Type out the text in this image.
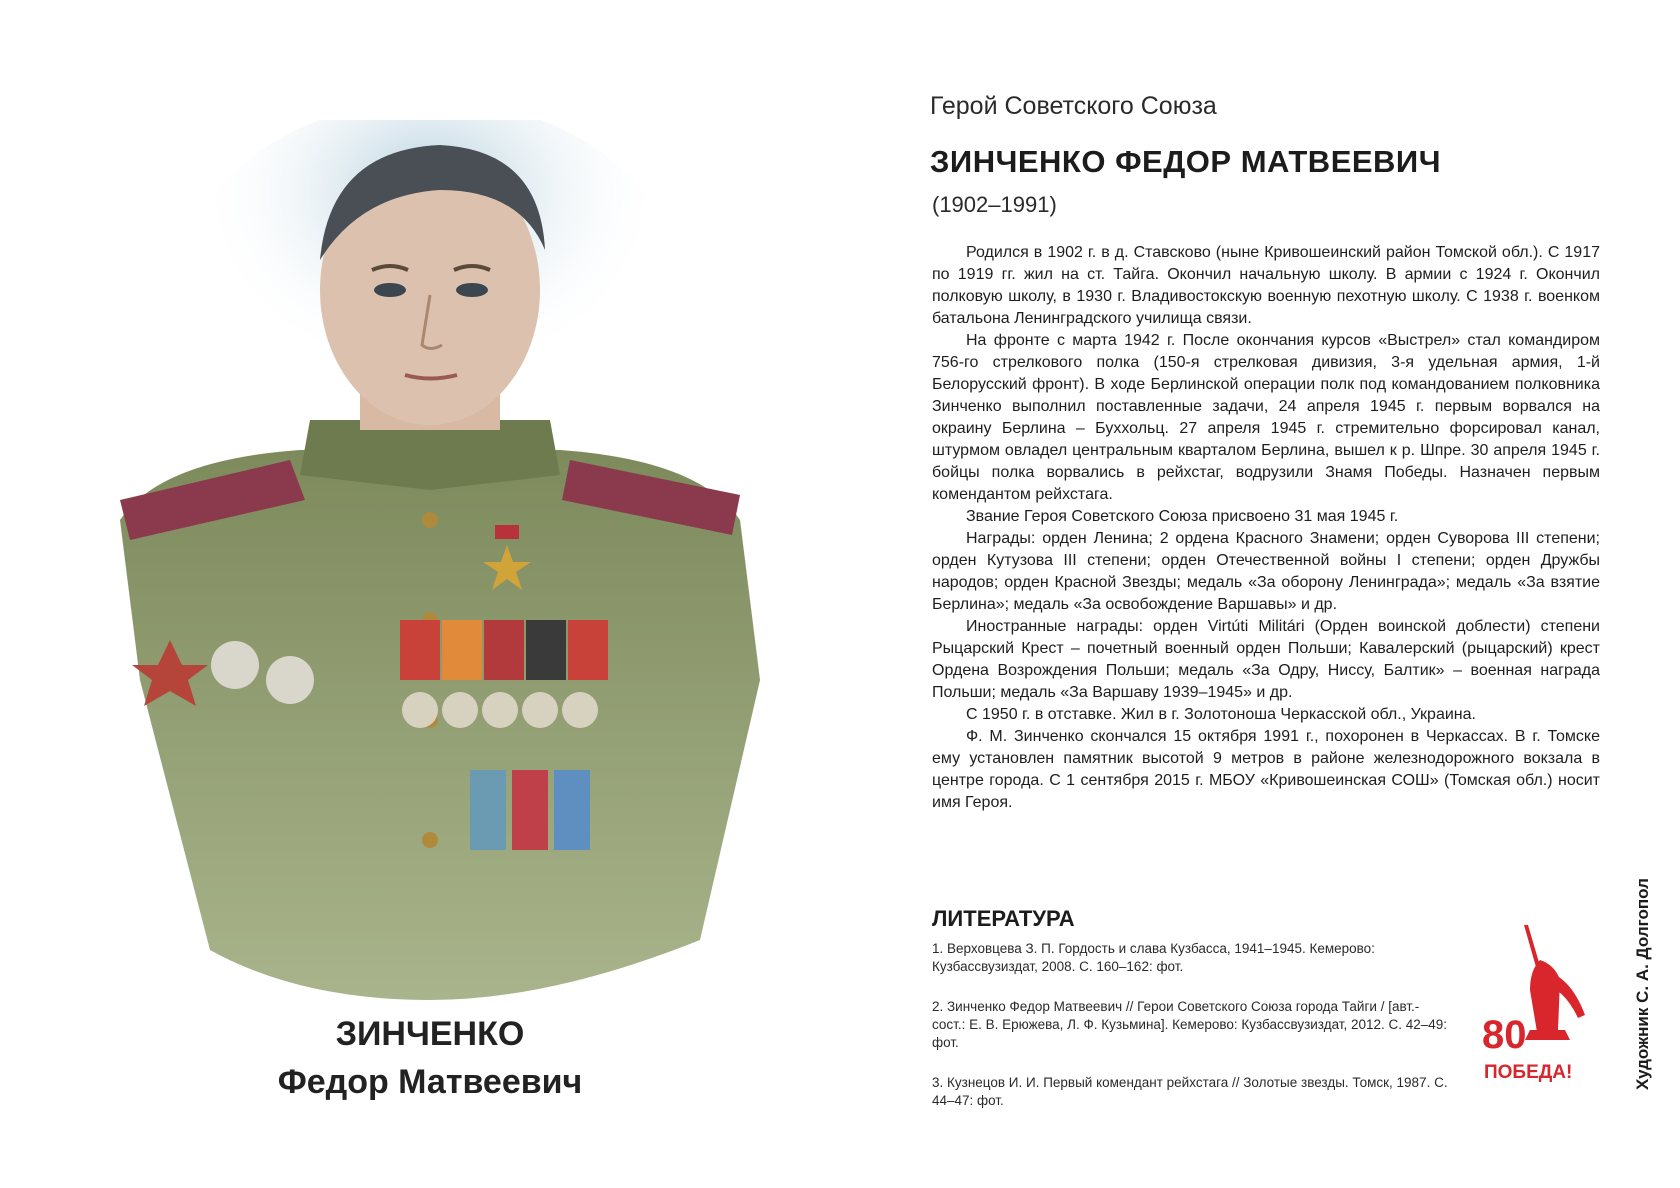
ЗИНЧЕНКО
Федор Матвеевич
Герой Советского Союза
ЗИНЧЕНКО ФЕДОР МАТВЕЕВИЧ
(1902–1991)

Родился в 1902 г. в д. Ставсково (ныне Кривошеинский район Томской обл.). С 1917 по 1919 гг. жил на ст. Тайга. Окончил начальную школу. В армии с 1924 г. Окончил полковую школу, в 1930 г. Владивостокскую военную пехотную школу. С 1938 г. военком батальона Ленинградского училища связи.

На фронте с марта 1942 г. После окончания курсов «Выстрел» стал командиром 756-го стрелкового полка (150-я стрелковая дивизия, 3-я удельная армия, 1-й Белорусский фронт). В ходе Берлинской операции полк под командованием полковника Зинченко выполнил поставленные задачи, 24 апреля 1945 г. первым ворвался на окраину Берлина – Буххольц. 27 апреля 1945 г. стремительно форсировал канал, штурмом овладел центральным кварталом Берлина, вышел к р. Шпре. 30 апреля 1945 г. бойцы полка ворвались в рейхстаг, водрузили Знамя Победы. Назначен первым комендантом рейхстага.

Звание Героя Советского Союза присвоено 31 мая 1945 г.

Награды: орден Ленина; 2 ордена Красного Знамени; орден Суворова III степени; орден Кутузова III степени; орден Отечественной войны I степени; орден Дружбы народов; орден Красной Звезды; медаль «За оборону Ленинграда»; медаль «За взятие Берлина»; медаль «За освобождение Варшавы» и др.

Иностранные награды: орден Virtúti Militári (Орден воинской доблести) степени Рыцарский Крест – почетный военный орден Польши; Кавалерский (рыцарский) крест Ордена Возрождения Польши; медаль «За Одру, Ниссу, Балтик» – военная награда Польши; медаль «За Варшаву 1939–1945» и др.

С 1950 г. в отставке. Жил в г. Золотоноша Черкасской обл., Украина.

Ф. М. Зинченко скончался 15 октября 1991 г., похоронен в Черкассах. В г. Томске ему установлен памятник высотой 9 метров в районе железнодорожного вокзала в центре города. С 1 сентября 2015 г. МБОУ «Кривошеинская СОШ» (Томская обл.) носит имя Героя.

ЛИТЕРАТУРА

1. Верховцева З. П. Гордость и слава Кузбасса, 1941–1945. Кемерово: Кузбассвузиздат, 2008. С. 160–162: фот.

2. Зинченко Федор Матвеевич // Герои Советского Союза города Тайги / [авт.-сост.: Е. В. Ерюжева, Л. Ф. Кузьмина]. Кемерово: Кузбассвузиздат, 2012. С. 42–49: фот.

3. Кузнецов И. И. Первый комендант рейхстага // Золотые звезды. Томск, 1987. С. 44–47: фот.

80
ПОБЕДА!	Художник С. А. Долгопол
